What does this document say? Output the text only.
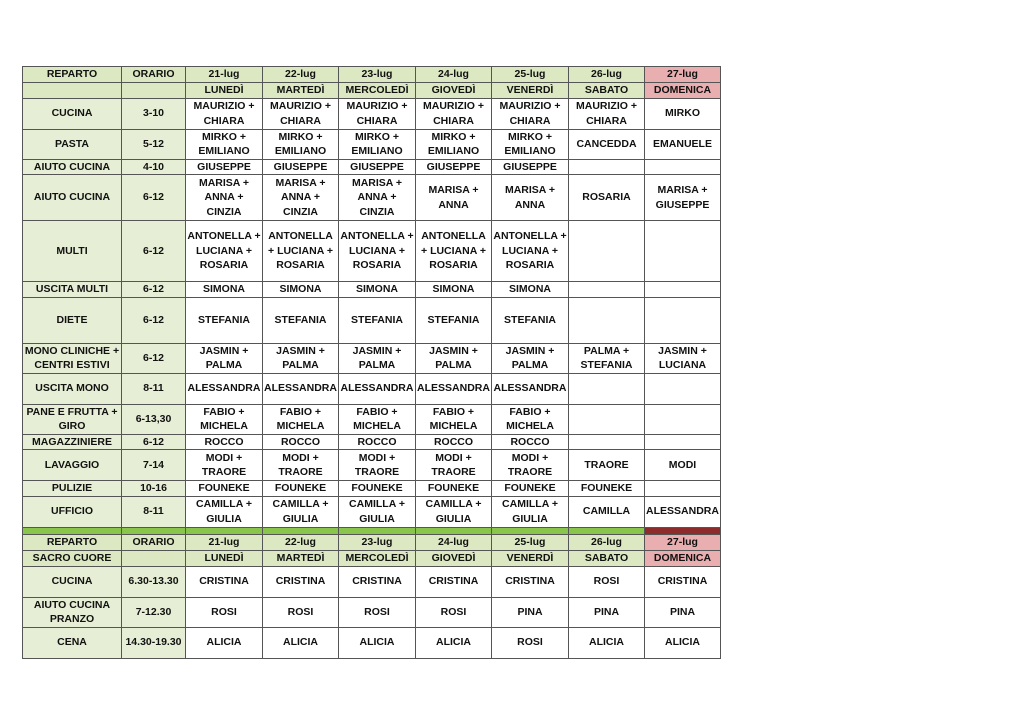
REPARTO	ORARIO	21-lug	22-lug	23-lug	24-lug	25-lug	26-lug	27-lug
		LUNEDÌ	MARTEDÌ	MERCOLEDÌ	GIOVEDÌ	VENERDÌ	SABATO	DOMENICA
CUCINA	3-10	MAURIZIO + CHIARA	MAURIZIO + CHIARA	MAURIZIO + CHIARA	MAURIZIO + CHIARA	MAURIZIO + CHIARA	MAURIZIO + CHIARA	MIRKO
PASTA	5-12	MIRKO + EMILIANO	MIRKO + EMILIANO	MIRKO + EMILIANO	MIRKO + EMILIANO	MIRKO + EMILIANO	CANCEDDA	EMANUELE
AIUTO CUCINA	4-10	GIUSEPPE	GIUSEPPE	GIUSEPPE	GIUSEPPE	GIUSEPPE		
AIUTO CUCINA	6-12	MARISA + ANNA + CINZIA	MARISA + ANNA + CINZIA	MARISA + ANNA + CINZIA	MARISA + ANNA	MARISA + ANNA	ROSARIA	MARISA + GIUSEPPE
MULTI	6-12	ANTONELLA + LUCIANA + ROSARIA	ANTONELLA + LUCIANA + ROSARIA	ANTONELLA + LUCIANA + ROSARIA	ANTONELLA + LUCIANA + ROSARIA	ANTONELLA + LUCIANA + ROSARIA		
USCITA MULTI	6-12	SIMONA	SIMONA	SIMONA	SIMONA	SIMONA		
DIETE	6-12	STEFANIA	STEFANIA	STEFANIA	STEFANIA	STEFANIA		
MONO CLINICHE + CENTRI ESTIVI	6-12	JASMIN + PALMA	JASMIN + PALMA	JASMIN + PALMA	JASMIN + PALMA	JASMIN + PALMA	PALMA + STEFANIA	JASMIN + LUCIANA
USCITA MONO	8-11	ALESSANDRA	ALESSANDRA	ALESSANDRA	ALESSANDRA	ALESSANDRA		
PANE E FRUTTA + GIRO	6-13,30	FABIO + MICHELA	FABIO + MICHELA	FABIO + MICHELA	FABIO + MICHELA	FABIO + MICHELA		
MAGAZZINIERE	6-12	ROCCO	ROCCO	ROCCO	ROCCO	ROCCO		
LAVAGGIO	7-14	MODI + TRAORE	MODI + TRAORE	MODI + TRAORE	MODI + TRAORE	MODI + TRAORE	TRAORE	MODI
PULIZIE	10-16	FOUNEKE	FOUNEKE	FOUNEKE	FOUNEKE	FOUNEKE	FOUNEKE	
UFFICIO	8-11	CAMILLA + GIULIA	CAMILLA + GIULIA	CAMILLA + GIULIA	CAMILLA + GIULIA	CAMILLA + GIULIA	CAMILLA	ALESSANDRA

REPARTO	ORARIO	21-lug	22-lug	23-lug	24-lug	25-lug	26-lug	27-lug
SACRO CUORE		LUNEDÌ	MARTEDÌ	MERCOLEDÌ	GIOVEDÌ	VENERDÌ	SABATO	DOMENICA
CUCINA	6.30-13.30	CRISTINA	CRISTINA	CRISTINA	CRISTINA	CRISTINA	ROSI	CRISTINA
AIUTO CUCINA PRANZO	7-12.30	ROSI	ROSI	ROSI	ROSI	PINA	PINA	PINA
CENA	14.30-19.30	ALICIA	ALICIA	ALICIA	ALICIA	ROSI	ALICIA	ALICIA
